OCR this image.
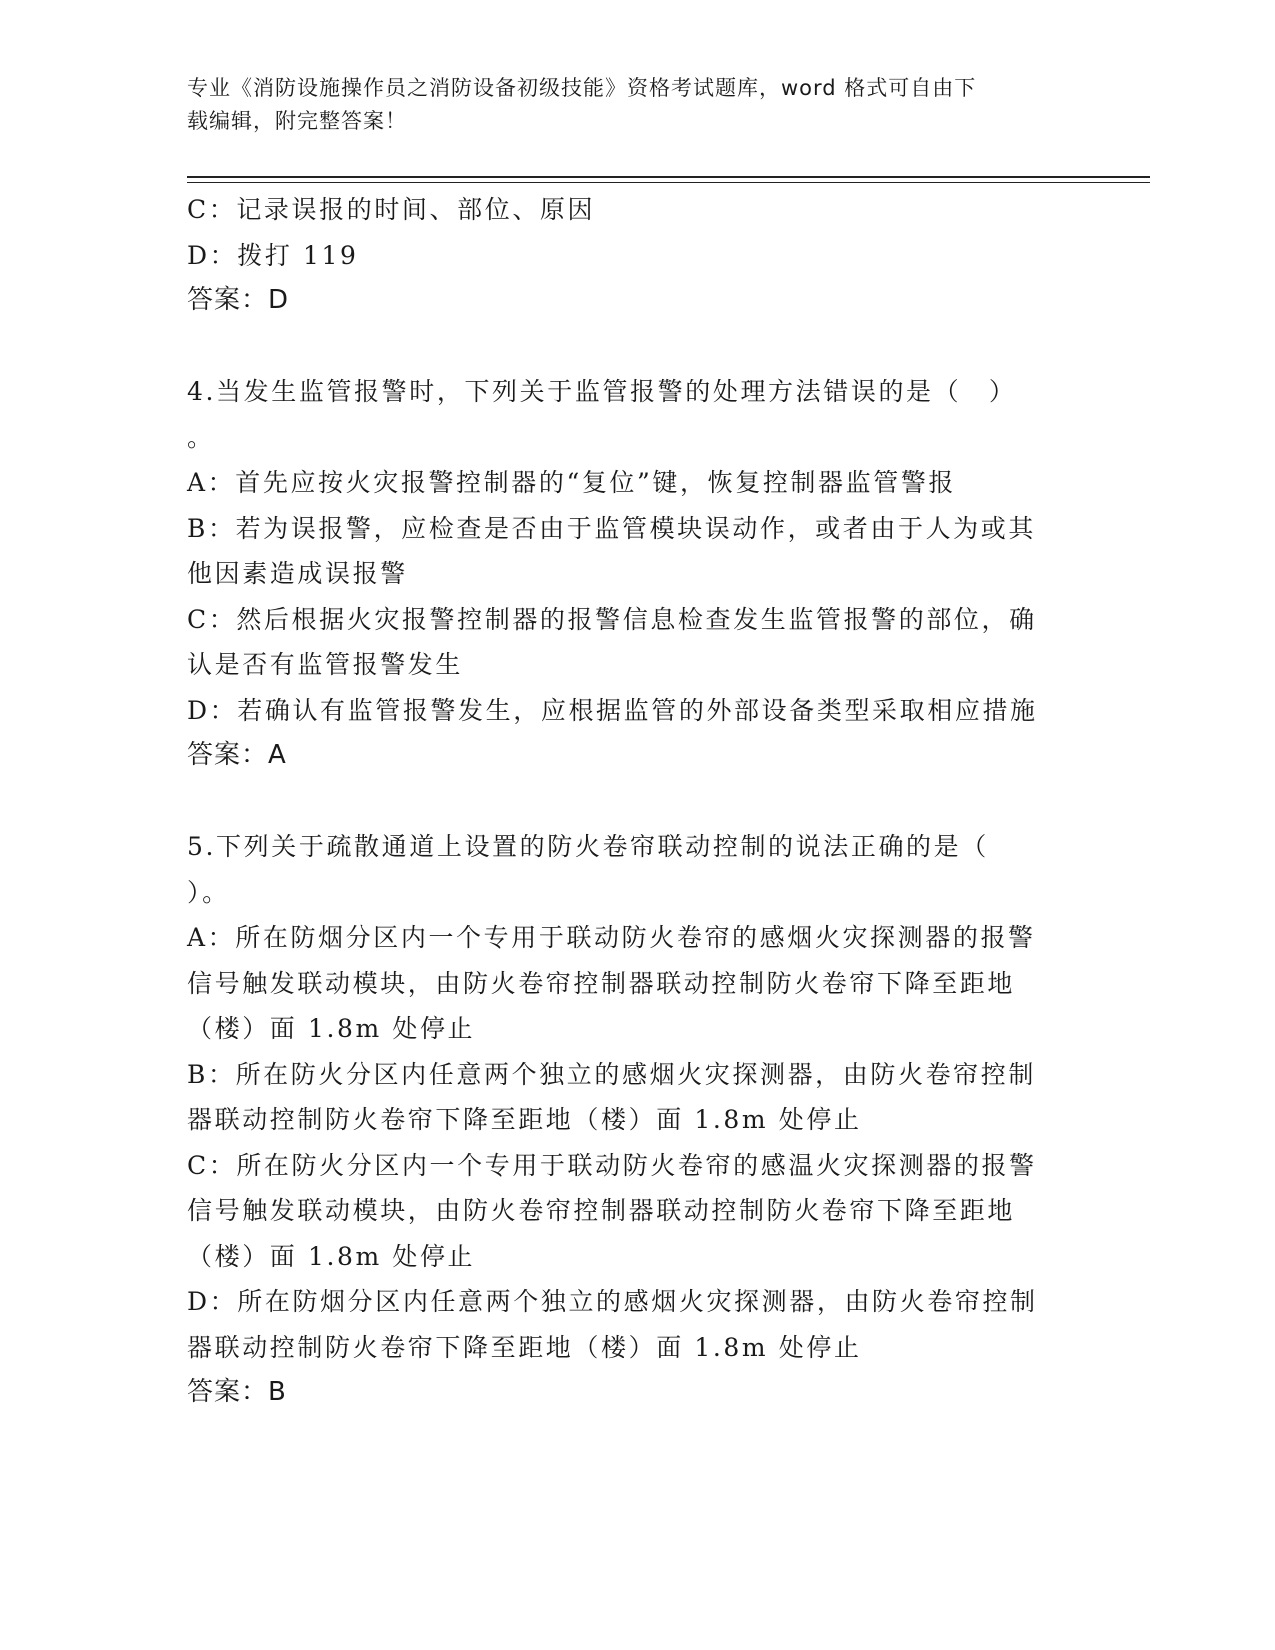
专业《消防设施操作员之消防设备初级技能》资格考试题库，word 格式可自由下
载编辑，附完整答案！
C：记录误报的时间、部位、原因
D：拨打 119
答案：D
4.当发生监管报警时，下列关于监管报警的处理方法错误的是（　）
。
A：首先应按火灾报警控制器的“复位”键，恢复控制器监管警报
B：若为误报警，应检查是否由于监管模块误动作，或者由于人为或其
他因素造成误报警
C：然后根据火灾报警控制器的报警信息检查发生监管报警的部位，确
认是否有监管报警发生
D：若确认有监管报警发生，应根据监管的外部设备类型采取相应措施
答案：A
5.下列关于疏散通道上设置的防火卷帘联动控制的说法正确的是（
）。
A：所在防烟分区内一个专用于联动防火卷帘的感烟火灾探测器的报警
信号触发联动模块，由防火卷帘控制器联动控制防火卷帘下降至距地
（楼）面 1.8m 处停止
B：所在防火分区内任意两个独立的感烟火灾探测器，由防火卷帘控制
器联动控制防火卷帘下降至距地（楼）面 1.8m 处停止
C：所在防火分区内一个专用于联动防火卷帘的感温火灾探测器的报警
信号触发联动模块，由防火卷帘控制器联动控制防火卷帘下降至距地
（楼）面 1.8m 处停止
D：所在防烟分区内任意两个独立的感烟火灾探测器，由防火卷帘控制
器联动控制防火卷帘下降至距地（楼）面 1.8m 处停止
答案：B
